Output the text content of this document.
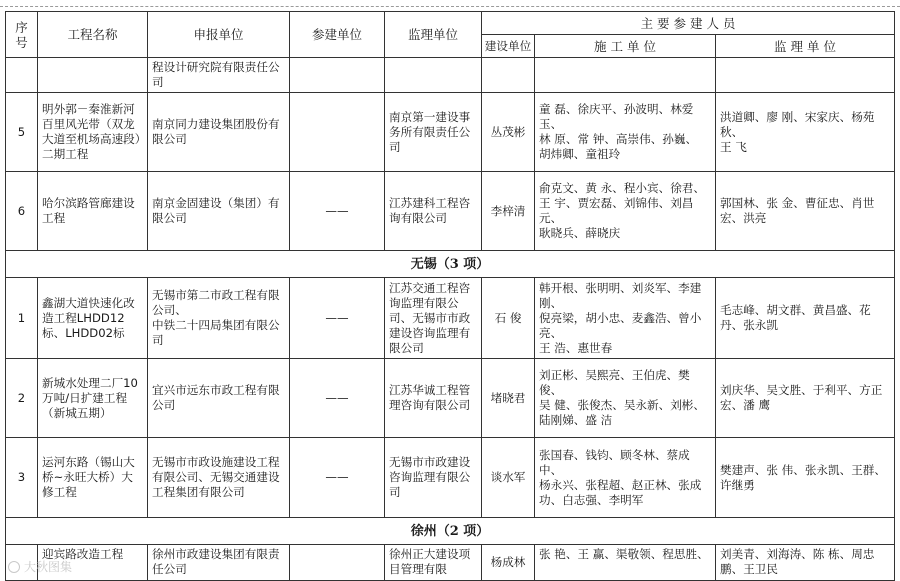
序号	工程名称	申报单位	参建单位	监理单位	主 要 参 建 人 员		
					建设单位	施 工 单 位	监 理 单 位
		程设计研究院有限责任公司					
5	明外郭－秦淮新河百里风光带（双龙大道至机场高速段）二期工程	南京同力建设集团股份有限公司		南京第一建设事务所有限责任公司	丛茂彬	童 磊、徐庆平、孙波明、林爱玉、
林 原、常 钟、高崇伟、孙巍、
胡炜卿、童祖玲	洪道卿、廖 刚、宋家庆、杨苑秋、
王 飞
6	哈尔滨路管廊建设工程	南京金固建设（集团）有限公司	——	江苏建科工程咨询有限公司	李梓清	俞克文、黄 永、程小宾、徐君、
王 宇、贾宏磊、刘锦伟、刘昌元、
耿晓兵、薛晓庆	郭国林、张 金、曹征忠、肖世宏、洪亮
无锡（3 项）							
1	鑫湖大道快速化改造工程LHDD12标、LHDD02标	无锡市第二市政工程有限公司、
中铁二十四局集团有限公司	——	江苏交通工程咨询监理有限公司、无锡市市政建设咨询监理有限公司	石 俊	韩开根、张明明、刘炎军、李建刚、
倪亮梁，胡小忠、麦鑫浩、曾小亮、
王 浩、惠世春	毛志峰、胡文群、黄昌盛、花丹、张永凯
2	新城水处理二厂10万吨/日扩建工程（新城五期）	宜兴市远东市政工程有限公司	——	江苏华诚工程管理咨询有限公司	堵晓君	刘正彬、吴熙亮、王伯虎、樊俊、
吴 健、张俊杰、吴永新、刘彬、
陆刚娣、盛 洁	刘庆华、吴文胜、于利平、方正宏、潘 鹰
3	运河东路（锡山大桥~永旺大桥）大修工程	无锡市市政设施建设工程有限公司、无锡交通建设工程集团有限公司	——	无锡市市政建设咨询监理有限公司	谈水军	张国春、钱钧、顾冬林、蔡成中、
杨永兴、张程超、赵正林、张成功、白志强、李明军	樊建声、张 伟、张永凯、王群、许继勇
徐州（2 项）							
	迎宾路改造工程	徐州市政建设集团有限责任公司		徐州正大建设项目管理有限	杨成林	张 艳、王 赢、渠敬领、程思胜、	刘美青、刘海涛、陈 栋、周忠鹏、王卫民
大秋图集
